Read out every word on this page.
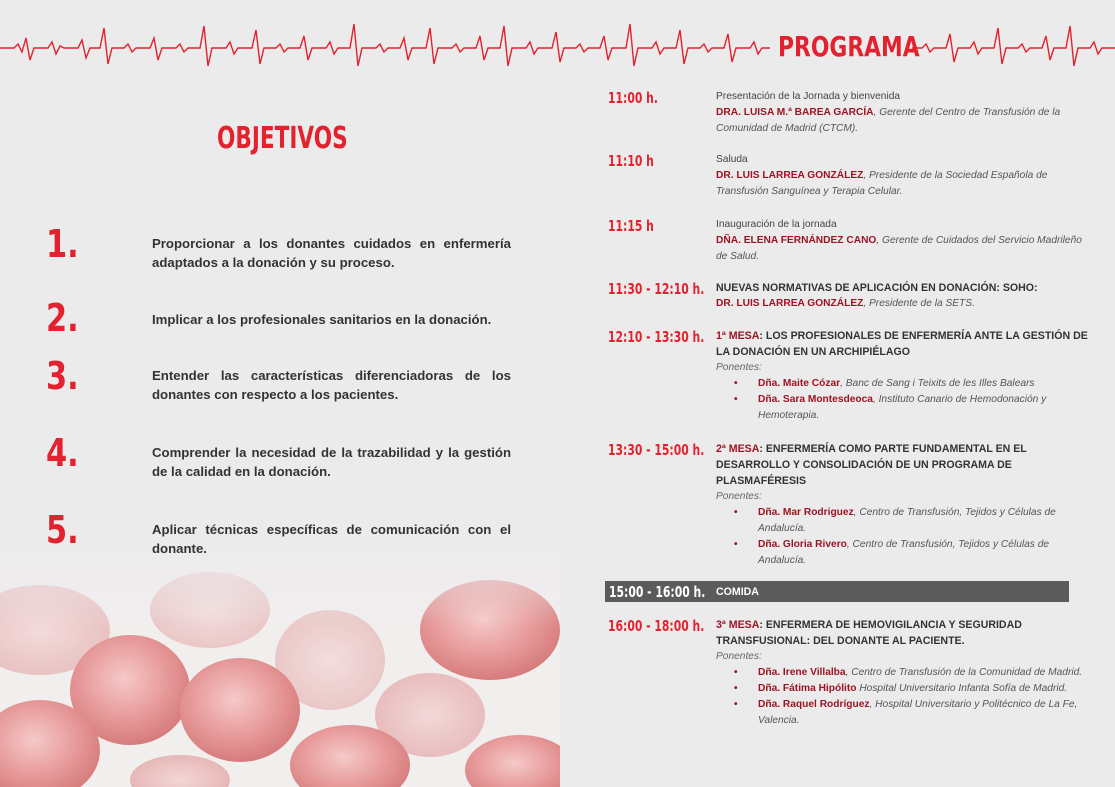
PROGRAMA
OBJETIVOS
1.	Proporcionar a los donantes cuidados en enfermería adaptados a la donación y su proceso.
2.	Implicar a los profesionales sanitarios en la donación.
3.	Entender las características diferenciadoras de los donantes con respecto a los pacientes.
4.	Comprender la necesidad de la trazabilidad y la gestión de la calidad en la donación.
5.	Aplicar técnicas específicas de comunicación con el donante.
11:00 h.	Presentación de la Jornada y bienvenida
DRA. LUISA M.ª BAREA GARCÍA, Gerente del Centro de Transfusión de la Comunidad de Madrid (CTCM).
11:10 h	Saluda
DR. LUIS LARREA GONZÁLEZ, Presidente de la Sociedad Española de Transfusión Sanguínea y Terapia Celular.
11:15 h	Inauguración de la jornada
DÑA. ELENA FERNÁNDEZ CANO, Gerente de Cuidados del Servicio Madrileño de Salud.
11:30 - 12:10 h. NUEVAS NORMATIVAS DE APLICACIÓN EN DONACIÓN: SOHO:
DR. LUIS LARREA GONZÁLEZ, Presidente de la SETS.
12:10 - 13:30 h. 1ª MESA: LOS PROFESIONALES DE ENFERMERÍA ANTE LA GESTIÓN DE LA DONACIÓN EN UN ARCHIPIÉLAGO
Ponentes:
• Dña. Maite Cózar, Banc de Sang i Teixits de les Illes Balears
• Dña. Sara Montesdeoca, Instituto Canario de Hemodonación y Hemoterapia.
13:30 - 15:00 h. 2ª MESA: ENFERMERÍA COMO PARTE FUNDAMENTAL EN EL DESARROLLO Y CONSOLIDACIÓN DE UN PROGRAMA DE PLASMAFÉRESIS
Ponentes:
• Dña. Mar Rodriguez, Centro de Transfusión, Tejidos y Células de Andalucía.
• Dña. Gloria Rivero, Centro de Transfusión, Tejidos y Células de Andalucía.
15:00 - 16:00 h. COMIDA
16:00 - 18:00 h. 3ª MESA: ENFERMERA DE HEMOVIGILANCIA Y SEGURIDAD TRANSFUSIONAL: DEL DONANTE AL PACIENTE.
Ponentes:
• Dña. Irene Villalba, Centro de Transfusión de la Comunidad de Madrid.
• Dña. Fátima Hipólito Hospital Universitario Infanta Sofía de Madrid.
• Dña. Raquel Rodríguez, Hospital Universitario y Politécnico de La Fe, Valencia.
